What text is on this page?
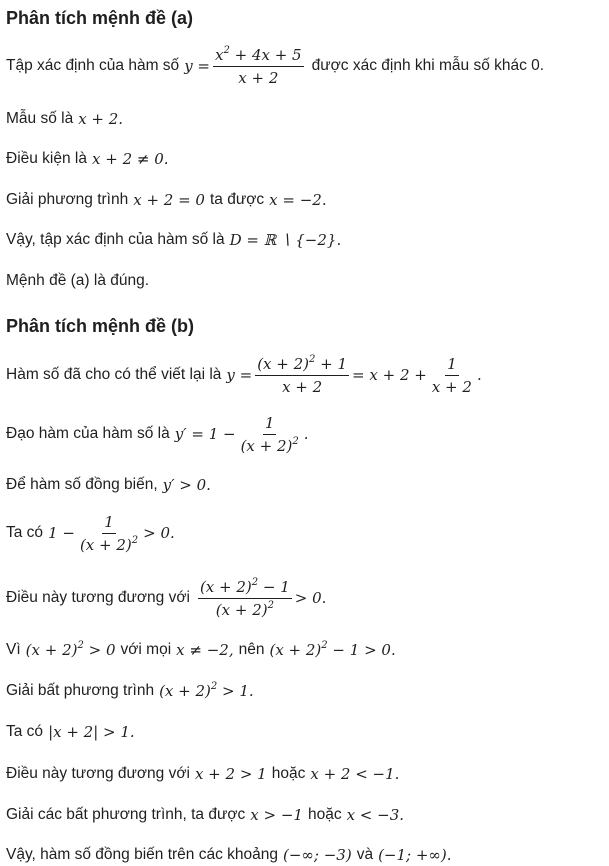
Phân tích mệnh đề (a)
Tập xác định của hàm số $y = \frac{x^2 + 4x + 5}{x + 2}$ được xác định khi mẫu số khác 0.
Mẫu số là x + 2.
Điều kiện là x + 2 ≠ 0.
Giải phương trình x + 2 = 0 ta được x = −2.
Vậy, tập xác định của hàm số là D = ℝ ∖ {−2}.
Mệnh đề (a) là đúng.
Phân tích mệnh đề (b)
Hàm số đã cho có thể viết lại là $y = \frac{(x + 2)^2 + 1}{x + 2} = x + 2 + \frac{1}{x + 2}$ .
Đạo hàm của hàm số là $y' = 1 - \frac{1}{(x + 2)^2}$ .
Để hàm số đồng biến, y′ > 0.
Ta có $1 - \frac{1}{(x + 2)^2} > 0$.
Điều này tương đương với $\frac{(x + 2)^2 - 1}{(x + 2)^2} > 0$.
Vì $(x + 2)^2 > 0$ với mọi x ≠ −2, nên $(x + 2)^2 - 1 > 0$.
Giải bất phương trình $(x + 2)^2 > 1$.
Ta có |x + 2| > 1.
Điều này tương đương với x + 2 > 1 hoặc x + 2 < −1.
Giải các bất phương trình, ta được x > −1 hoặc x < −3.
Vậy, hàm số đồng biến trên các khoảng (−∞; −3) và (−1; +∞).
